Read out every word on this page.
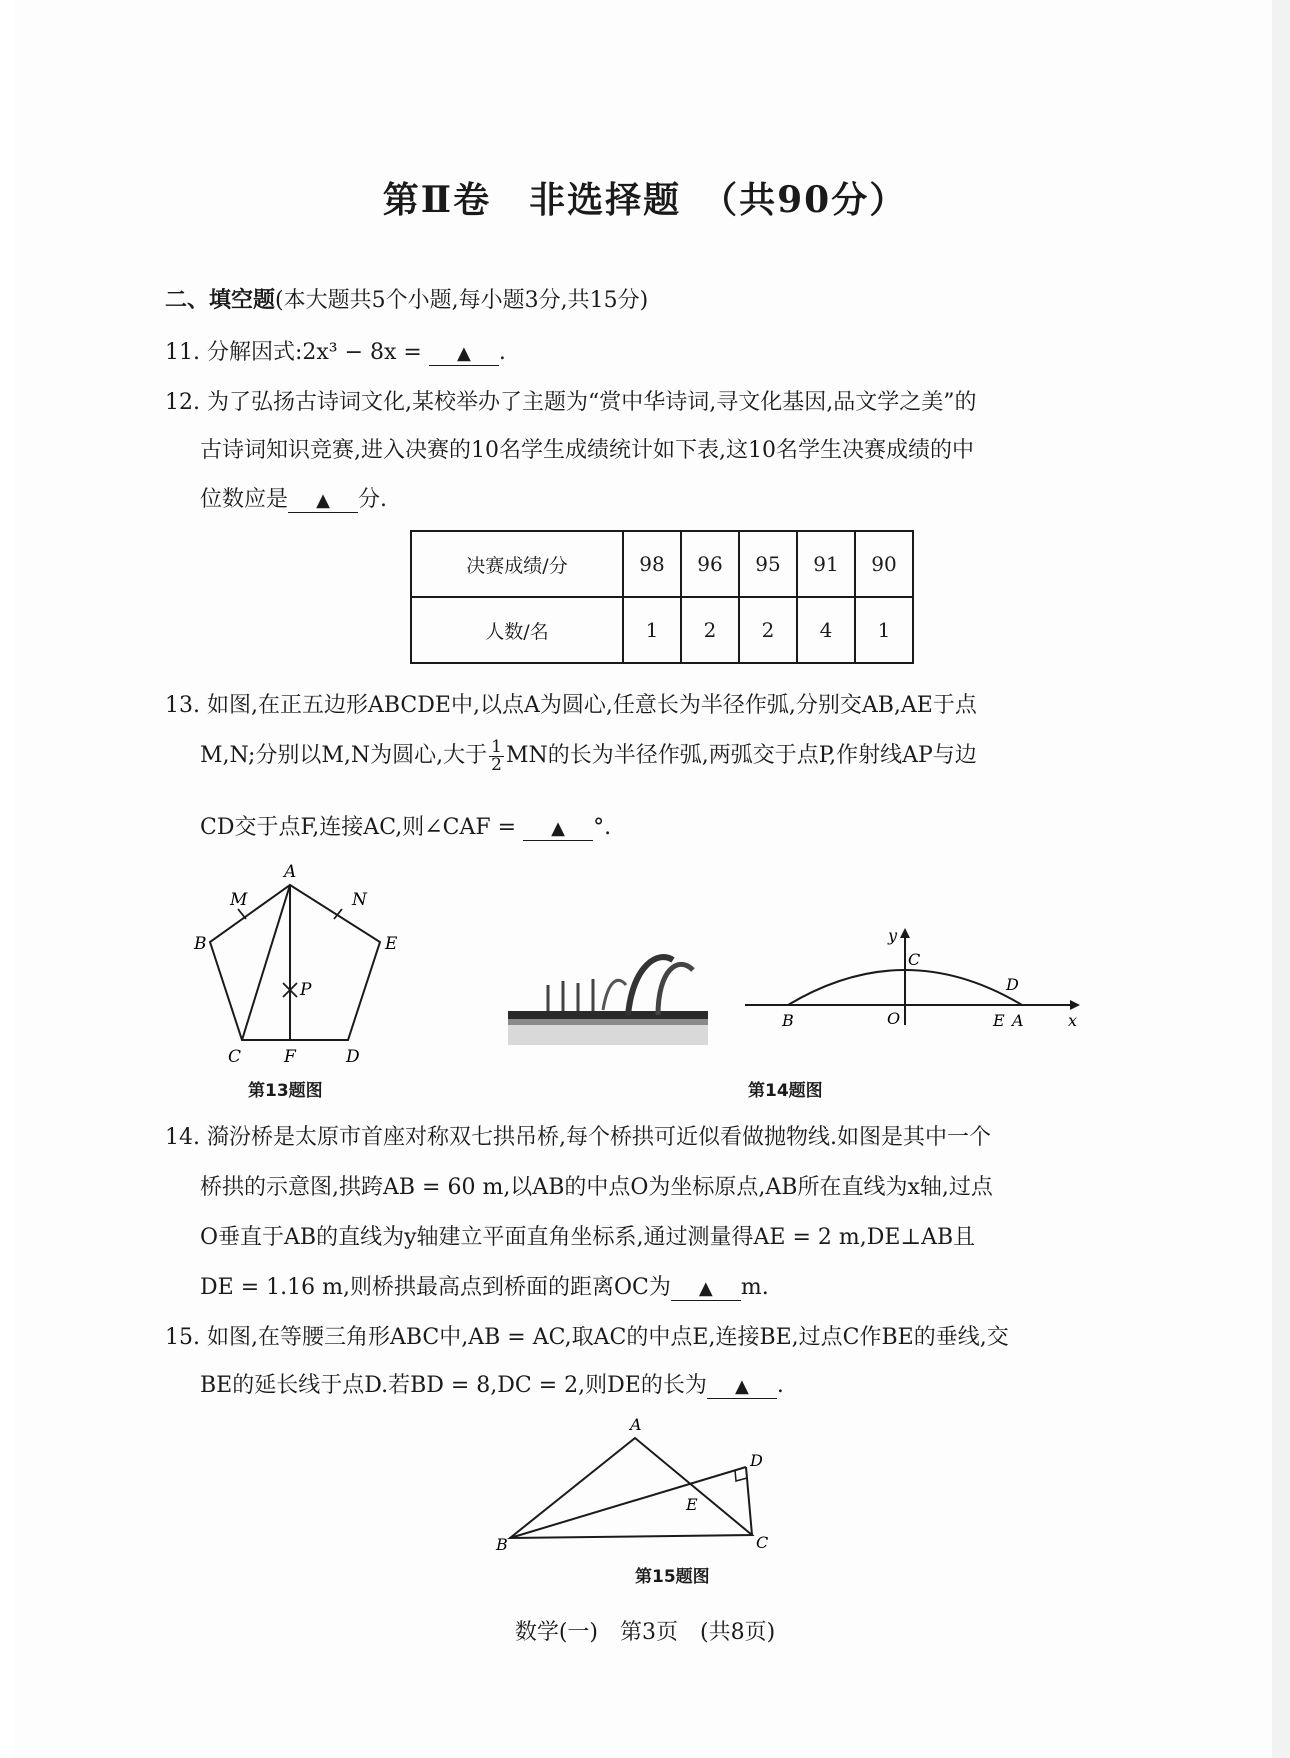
第Ⅱ卷　非选择题　（共90分）
二、填空题(本大题共5个小题,每小题3分,共15分)
11. 分解因式:2x³ − 8x = ▲ .
12. 为了弘扬古诗词文化,某校举办了主题为“赏中华诗词,寻文化基因,品文学之美”的
古诗词知识竞赛,进入决赛的10名学生成绩统计如下表,这10名学生决赛成绩的中
位数应是 ▲ 分.
决赛成绩/分	98	96	95	91	90
人数/名	1	2	2	4	1
13. 如图,在正五边形ABCDE中,以点A为圆心,任意长为半径作弧,分别交AB,AE于点
M,N;分别以M,N为圆心,大于 $\frac{1}{2}$ MN的长为半径作弧,两弧交于点P,作射线AP与边
CD交于点F,连接AC,则∠CAF = ▲ °.
A
B
C	D
E
M	N
P
F
第13题图
y
x
C
D
B	O	E A
第14题图
14. 漪汾桥是太原市首座对称双七拱吊桥,每个桥拱可近似看做抛物线.如图是其中一个
桥拱的示意图,拱跨AB = 60 m,以AB的中点O为坐标原点,AB所在直线为x轴,过点
O垂直于AB的直线为y轴建立平面直角坐标系,通过测量得AE = 2 m,DE⊥AB且
DE = 1.16 m,则桥拱最高点到桥面的距离OC为 ▲ m.
15. 如图,在等腰三角形ABC中,AB = AC,取AC的中点E,连接BE,过点C作BE的垂线,交
BE的延长线于点D.若BD = 8,DC = 2,则DE的长为 ▲ .
A
B	C
D
E
第15题图
数学(一)　第3页　(共8页)
